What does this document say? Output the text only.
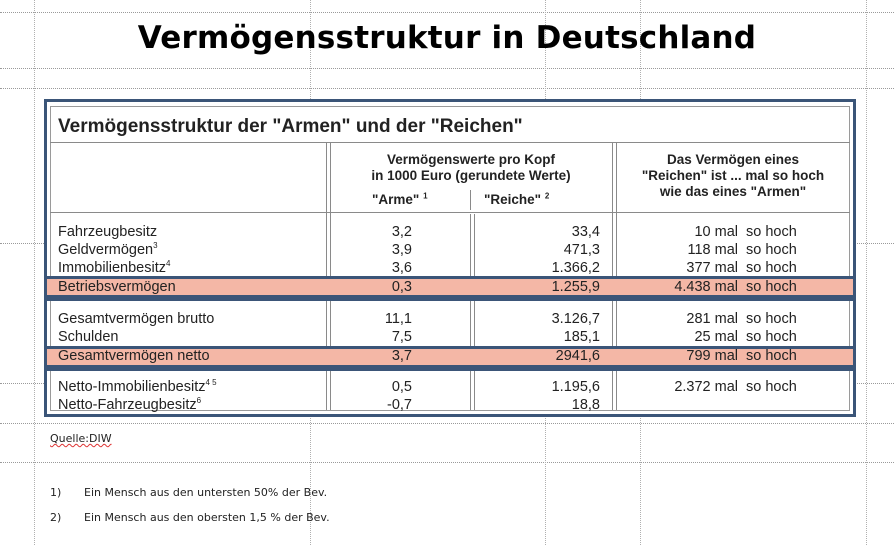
Vermögensstruktur in Deutschland
Vermögensstruktur der "Armen" und der "Reichen"
Vermögenswerte pro Kopf
in 1000 Euro (gerundete Werte)
"Arme" $^1$	"Reiche" $^2$
Das Vermögen eines
"Reichen" ist ... mal so hoch
wie das eines "Armen"
Fahrzeugbesitz	3,2	33,4	10 mal so hoch
Geldvermögen$^3$	3,9	471,3	118 mal so hoch
Immobilienbesitz$^4$	3,6	1.366,2	377 mal so hoch
Betriebsvermögen	0,3	1.255,9	4.438 mal so hoch
Gesamtvermögen brutto	11,1	3.126,7	281 mal so hoch
Schulden	7,5	185,1	25 mal so hoch
Gesamtvermögen netto	3,7	2941,6	799 mal so hoch
Netto-Immobilienbesitz$^{4 5}$	0,5	1.195,6	2.372 mal so hoch
Netto-Fahrzeugbesitz$^6$	-0,7	18,8
Quelle:DIW
1) Ein Mensch aus den untersten 50% der Bev.
2) Ein Mensch aus den obersten 1,5 % der Bev.
